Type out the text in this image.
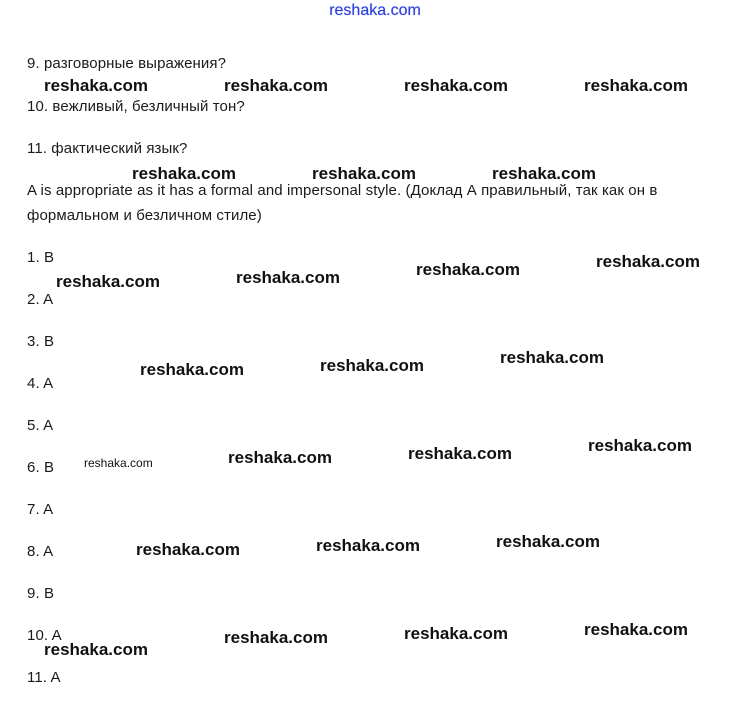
reshaka.com
9. разговорные выражения?
10. вежливый, безличный тон?
11. фактический язык?
A is appropriate as it has a formal and impersonal style. (Доклад А правильный, так как он в
формальном и безличном стиле)
1. B
2. A
3. B
4. A
5. A
6. B
7. A
8. A
9. B
10. A
11. A
reshaka.com	reshaka.com	reshaka.com	reshaka.com
reshaka.com	reshaka.com	reshaka.com
reshaka.com	reshaka.com	reshaka.com	reshaka.com
reshaka.com	reshaka.com	reshaka.com
reshaka.com	reshaka.com	reshaka.com	reshaka.com
reshaka.com	reshaka.com	reshaka.com
reshaka.com
reshaka.com	reshaka.com	reshaka.com
